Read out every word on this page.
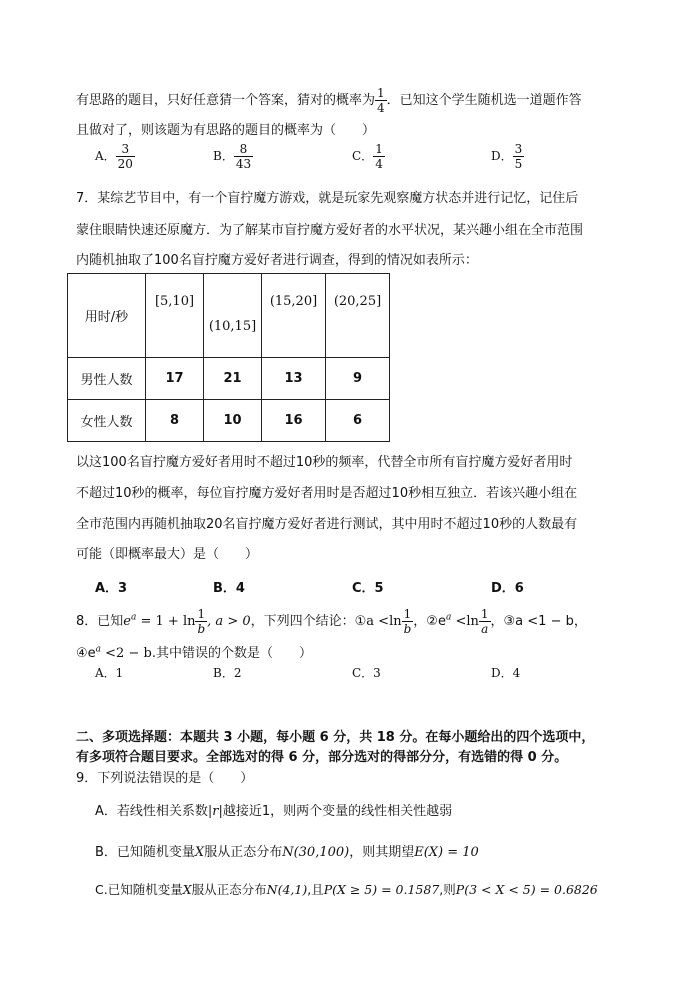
有思路的题目，只好任意猜一个答案，猜对的概率为 $\frac{1}{4}$ ．已知这个学生随机选一道题作答
且做对了，则该题为有思路的题目的概率为（　　）
A． $\frac{3}{20}$	B． $\frac{8}{43}$	C． $\frac{1}{4}$	D． $\frac{3}{5}$
7．某综艺节目中，有一个盲拧魔方游戏，就是玩家先观察魔方状态并进行记忆，记住后
蒙住眼睛快速还原魔方．为了解某市盲拧魔方爱好者的水平状况，某兴趣小组在全市范围
内随机抽取了100名盲拧魔方爱好者进行调查，得到的情况如表所示：
用时/秒	[5,10]	(10,15]	(15,20]	(20,25]

男性人数	17	21	13	9
女性人数	8	10	16	6
以这100名盲拧魔方爱好者用时不超过10秒的频率，代替全市所有盲拧魔方爱好者用时
不超过10秒的概率，每位盲拧魔方爱好者用时是否超过10秒相互独立．若该兴趣小组在
全市范围内再随机抽取20名盲拧魔方爱好者进行测试，其中用时不超过10秒的人数最有
可能（即概率最大）是（　　）
A．3	B．4	C．5	D．6
8．已知$e^a = 1 + \ln \frac{1}{b}$ , a > 0，下列四个结论：①a $<\ln \frac{1}{b}$ ，$②e^a <\ln \frac{1}{a}$ ，③a <1 − b，
$④e^a <2 - b$.其中错误的个数是（　　）
A．1	B．2	C．3	D．4
二、多项选择题：本题共 3 小题，每小题 6 分，共 18 分。在每小题给出的四个选项中，
有多项符合题目要求。全部选对的得 6 分，部分选对的得部分分，有选错的得 0 分。
9．下列说法错误的是（　　）
A．若线性相关系数|r|越接近1，则两个变量的线性相关性越弱
B．已知随机变量X服从正态分布N(30,100)，则其期望E(X) = 10
C.已知随机变量X服从正态分布N(4,1),且P(X ≥ 5) = 0.1587,则P(3 < X < 5) = 0.6826
